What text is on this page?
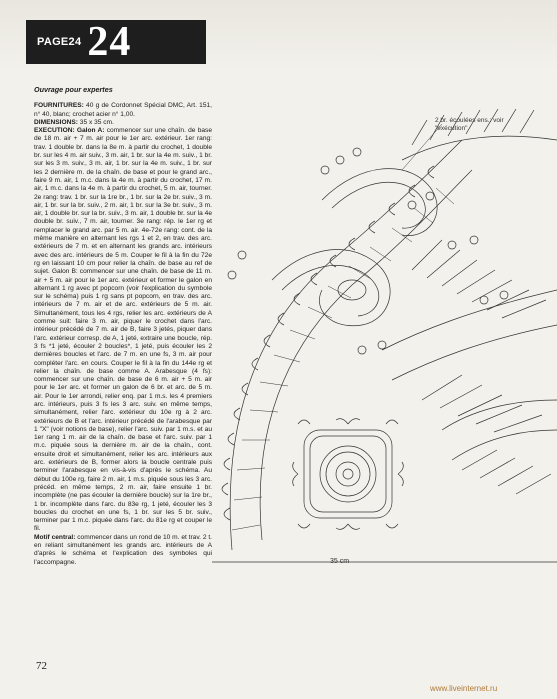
PAGE24 24
Ouvrage pour expertes

FOURNITURES: 40 g de Cordonnet Spécial DMC, Art. 151, n° 40, blanc; crochet acier n° 1,00.

DIMENSIONS: 35 x 35 cm.

EXECUTION: Galon A: commencer sur une chaîn. de base de 18 m. air + 7 m. air pour le 1er arc. extérieur. 1er rang: trav. 1 double br. dans la 8e m. à partir du crochet, 1 double br. sur les 4 m. air suiv., 3 m. air, 1 br. sur la 4e m. suiv., 1 br. sur les 3 m. suiv., 3 m. air, 1 br. sur la 4e m. suiv., 1 br. sur les 2 dernière m. de la chaîn. de base et pour le grand arc., faire 9 m. air, 1 m.c. dans la 4e m. à partir du crochet, 17 m. air, 1 m.c. dans la 4e m. à partir du crochet, 5 m. air, tourner. 2e rang: trav. 1 br. sur la 1re br., 1 br. sur la 2e br. suiv., 3 m. air, 1 br. sur la br. suiv., 2 m. air, 1 br. sur la 3e br. suiv., 3 m. air, 1 double br. sur la br. suiv., 3 m. air, 1 double br. sur la 4e double br. suiv., 7 m. air, tourner. 3e rang: rép. le 1er rg et remplacer le grand arc. par 5 m. air. 4e-72e rang: cont. de la même manière en alternant les rgs 1 et 2, en trav. des arc. extérieurs de 7 m. et en alternant les grands arc. intérieurs avec des arc. intérieurs de 5 m. Couper le fil à la fin du 72e rg en laissant 10 cm pour relier la chaîn. de base au ref de sujet. Galon B: commencer sur une chaîn. de base de 11 m. air + 5 m. air pour le 1er arc. extérieur et former le galon en alternant 1 rg avec pt popcorn (voir l'explication du symbole sur le schéma) puis 1 rg sans pt popcorn, en trav. des arc. intérieurs de 7 m. air et de arc. extérieurs de 5 m. air. Simultanément, tous les 4 rgs, relier les arc. extérieurs de A comme suit: faire 3 m. air, piquer le crochet dans l'arc. intérieur précédé de 7 m. air de B, faire 3 jetés, piquer dans l'arc. extérieur corresp. de A, 1 jeté, extraire une boucle, rép. 3 fs *1 jeté, écouler 2 boucles*, 1 jeté, puis écouler les 2 dernières boucles et l'arc. de 7 m. en une fs, 3 m. air pour compléter l'arc. en cours. Couper le fil à la fin du 144e rg et relier la chaîn. de base comme A. Arabesque (4 fs): commencer sur une chaîn. de base de 6 m. air + 5 m. air pour le 1er arc. et former un galon de 6 br. et arc. de 5 m. air. Pour le 1er arrondi, relier enq. par 1 m.s. les 4 premiers arc. intérieurs, puis 3 fs les 3 arc. suiv. en même temps, simultanément, relier l'arc. extérieur du 10e rg à 2 arc. extérieurs de B et l'arc. intérieur précédé de l'arabesque par 1 "X" (voir notions de base), relier l'arc. suiv. par 1 m.s. et au 1er rang 1 m. air de la chaîn. de base et l'arc. suiv. par 1 m.c. piquée sous la dernière m. air de la chaîn., cont. ensuite droit et simultanément, relier les arc. intérieurs aux arc. extérieurs de B, former alors la boucle centrale puis terminer l'arabesque en vis-à-vis d'après le schéma. Au début du 100e rg, faire 2 m. air, 1 m.s. piquée sous les 3 arc. précéd. en même temps, 2 m. air, faire ensuite 1 br. incomplète (ne pas écouler la dernière boucle) sur la 1re br., 1 br. incomplète dans l'arc. du 83e rg, 1 jeté, écouler les 3 boucles du crochet en une fs, 1 br. sur les 5 br. suiv., terminer par 1 m.c. piquée dans l'arc. du 81e rg et couper le fil.

Motif central: commencer dans un rond de 10 m. et trav. 2 t. en reliant simultanément les grands arc. intérieurs de A d'après le schéma et l'explication des symboles qui l'accompagne.

2 br. écoulées ens.: voir "exécution"
35 cm
72
www.liveinternet.ru
